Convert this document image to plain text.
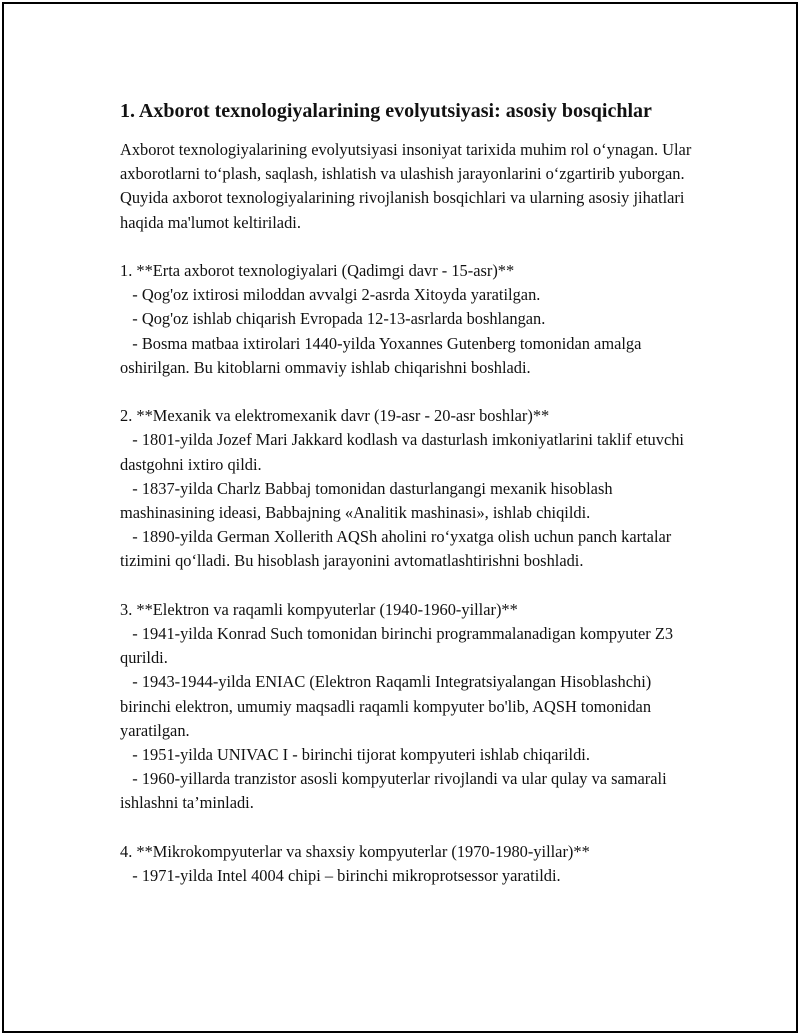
1. Axborot texnologiyalarining evolyutsiyasi: asosiy bosqichlar

Axborot texnologiyalarining evolyutsiyasi insoniyat tarixida muhim rol o‘ynagan. Ular axborotlarni to‘plash, saqlash, ishlatish va ulashish jarayonlarini o‘zgartirib yuborgan. Quyida axborot texnologiyalarining rivojlanish bosqichlari va ularning asosiy jihatlari haqida ma'lumot keltiriladi.

1. **Erta axborot texnologiyalari (Qadimgi davr - 15-asr)**

- Qog'oz ixtirosi miloddan avvalgi 2-asrda Xitoyda yaratilgan.

- Qog'oz ishlab chiqarish Evropada 12-13-asrlarda boshlangan.

- Bosma matbaa ixtirolari 1440-yilda Yoxannes Gutenberg tomonidan amalga oshirilgan. Bu kitoblarni ommaviy ishlab chiqarishni boshladi.

2. **Mexanik va elektromexanik davr (19-asr - 20-asr boshlar)**

- 1801-yilda Jozef Mari Jakkard kodlash va dasturlash imkoniyatlarini taklif etuvchi dastgohni ixtiro qildi.

- 1837-yilda Charlz Babbaj tomonidan dasturlangangi mexanik hisoblash mashinasining ideasi, Babbajning «Analitik mashinasi», ishlab chiqildi.

- 1890-yilda German Xollerith AQSh aholini ro‘yxatga olish uchun panch kartalar tizimini qo‘lladi. Bu hisoblash jarayonini avtomatlashtirishni boshladi.

3. **Elektron va raqamli kompyuterlar (1940-1960-yillar)**

- 1941-yilda Konrad Such tomonidan birinchi programmalanadigan kompyuter Z3 qurildi.

- 1943-1944-yilda ENIAC (Elektron Raqamli Integratsiyalangan Hisoblashchi) birinchi elektron, umumiy maqsadli raqamli kompyuter bo'lib, AQSH tomonidan yaratilgan.

- 1951-yilda UNIVAC I - birinchi tijorat kompyuteri ishlab chiqarildi.

- 1960-yillarda tranzistor asosli kompyuterlar rivojlandi va ular qulay va samarali ishlashni ta’minladi.

4. **Mikrokompyuterlar va shaxsiy kompyuterlar (1970-1980-yillar)**

- 1971-yilda Intel 4004 chipi – birinchi mikroprotsessor yaratildi.
